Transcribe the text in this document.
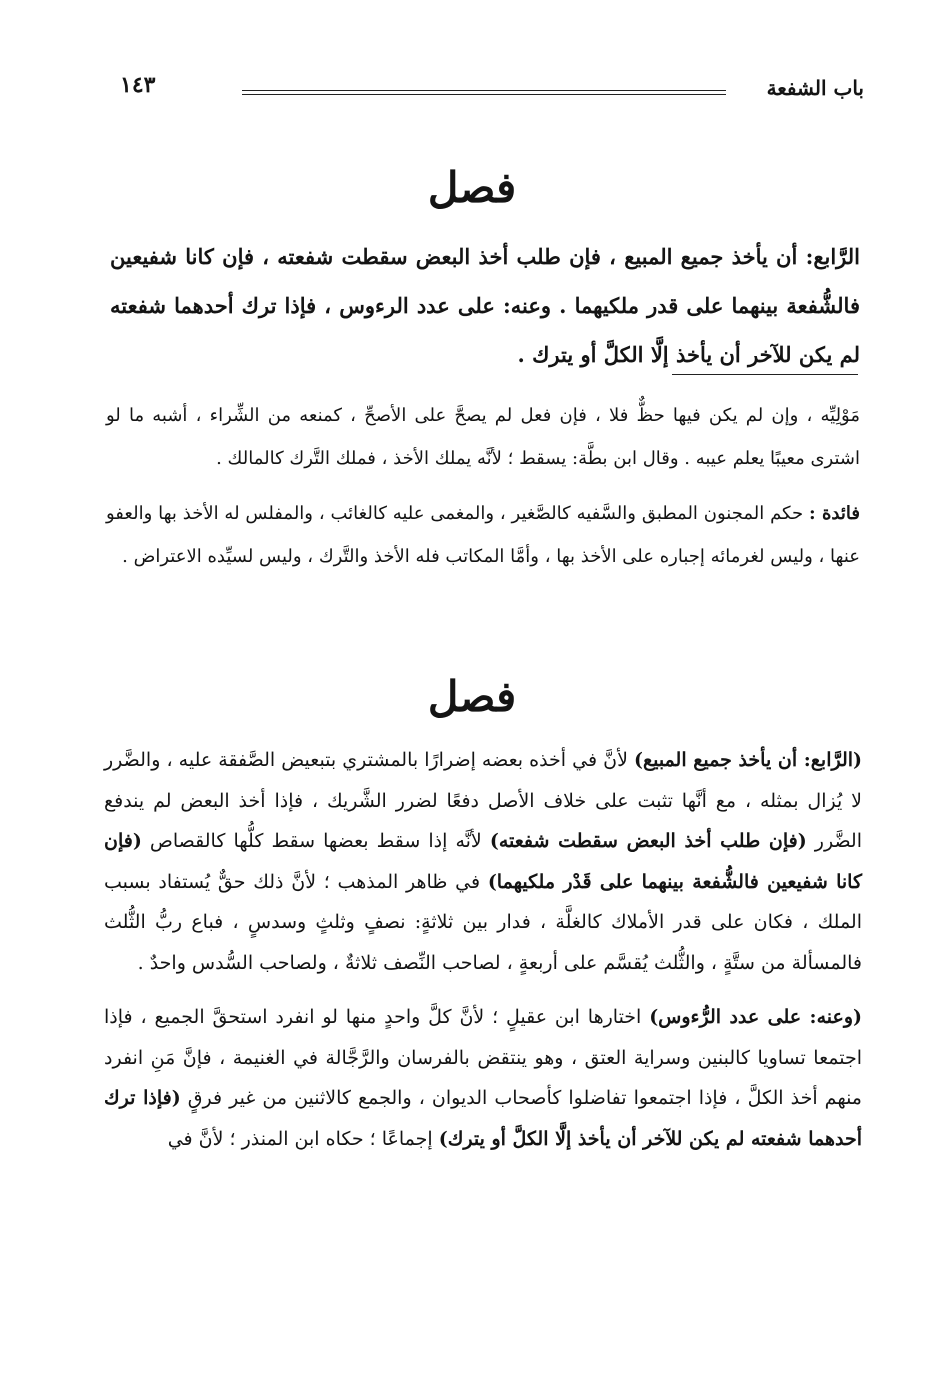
باب الشفعة
١٤٣
فصل
الرَّابع: أن يأخذ جميع المبيع ، فإن طلب أخذ البعض سقطت شفعته ، فإن كانا شفيعين فالشُّفعة بينهما على قدر ملكيهما . وعنه: على عدد الرءوس ، فإذا ترك أحدهما شفعته لم يكن للآخر أن يأخذ إلَّا الكلَّ أو يترك .

مَوْلِيِّه ، وإن لم يكن فيها حظٌّ فلا ، فإن فعل لم يصحَّ على الأصحِّ ، كمنعه من الشِّراء ، أشبه ما لو اشترى معيبًا يعلم عيبه . وقال ابن بطَّة: يسقط ؛ لأنَّه يملك الأخذ ، فملك التَّرك كالمالك .

فائدة : حكم المجنون المطبق والسَّفيه كالصَّغير ، والمغمى عليه كالغائب ، والمفلس له الأخذ بها والعفو عنها ، وليس لغرمائه إجباره على الأخذ بها ، وأمَّا المكاتب فله الأخذ والتَّرك ، وليس لسيِّده الاعتراض .

فصل

(الرَّابع: أن يأخذ جميع المبيع) لأنَّ في أخذه بعضه إضرارًا بالمشتري بتبعيض الصَّفقة عليه ، والضَّرر لا يُزال بمثله ، مع أنَّها تثبت على خلاف الأصل دفعًا لضرر الشَّريك ، فإذا أخذ البعض لم يندفع الضَّرر (فإن طلب أخذ البعض سقطت شفعته) لأنَّه إذا سقط بعضها سقط كلُّها كالقصاص (فإن كانا شفيعين فالشُّفعة بينهما على قَدْر ملكيهما) في ظاهر المذهب ؛ لأنَّ ذلك حقٌّ يُستفاد بسبب الملك ، فكان على قدر الأملاك كالغلَّة ، فدار بين ثلاثةٍ: نصفٍ وثلثٍ وسدسٍ ، فباع ربُّ الثُّلث فالمسألة من ستَّةٍ ، والثُّلث يُقسَّم على أربعةٍ ، لصاحب النِّصف ثلاثةٌ ، ولصاحب السُّدس واحدٌ .

(وعنه: على عدد الرُّءوس) اختارها ابن عقيلٍ ؛ لأنَّ كلَّ واحدٍ منها لو انفرد استحقَّ الجميع ، فإذا اجتمعا تساويا كالبنين وسراية العتق ، وهو ينتقض بالفرسان والرَّجَّالة في الغنيمة ، فإنَّ مَنِ انفرد منهم أخذ الكلَّ ، فإذا اجتمعوا تفاضلوا كأصحاب الديوان ، والجمع كالاثنين من غير فرقٍ (فإذا ترك أحدهما شفعته لم يكن للآخر أن يأخذ إلَّا الكلَّ أو يترك) إجماعًا ؛ حكاه ابن المنذر ؛ لأنَّ في
